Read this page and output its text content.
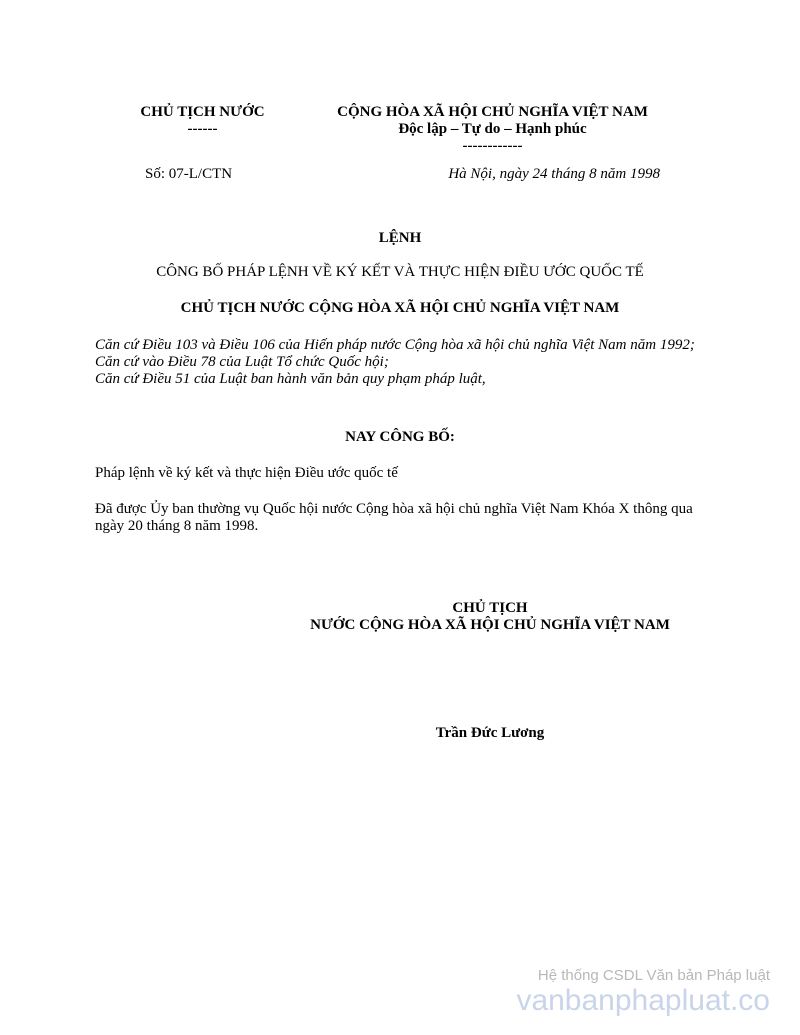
CHỦ TỊCH NƯỚC

------

CỘNG HÒA XÃ HỘI CHỦ NGHĨA VIỆT NAM

Độc lập – Tự do – Hạnh phúc

------------

Số: 07-L/CTN	Hà Nội, ngày 24 tháng 8 năm 1998
LỆNH
CÔNG BỐ PHÁP LỆNH VỀ KÝ KẾT VÀ THỰC HIỆN ĐIỀU ƯỚC QUỐC TẾ
CHỦ TỊCH NƯỚC CỘNG HÒA XÃ HỘI CHỦ NGHĨA VIỆT NAM

Căn cứ Điều 103 và Điều 106 của Hiến pháp nước Cộng hòa xã hội chủ nghĩa Việt Nam năm 1992;

Căn cứ vào Điều 78 của Luật Tổ chức Quốc hội;

Căn cứ Điều 51 của Luật ban hành văn bản quy phạm pháp luật,

NAY CÔNG BỐ:
Pháp lệnh về ký kết và thực hiện Điều ước quốc tế
Đã được Ủy ban thường vụ Quốc hội nước Cộng hòa xã hội chủ nghĩa Việt Nam Khóa X thông qua ngày 20 tháng 8 năm 1998.

CHỦ TỊCH

NƯỚC CỘNG HÒA XÃ HỘI CHỦ NGHĨA VIỆT NAM

Trần Đức Lương
Hệ thống CSDL Văn bản Pháp luật
vanbanphapluat.co
